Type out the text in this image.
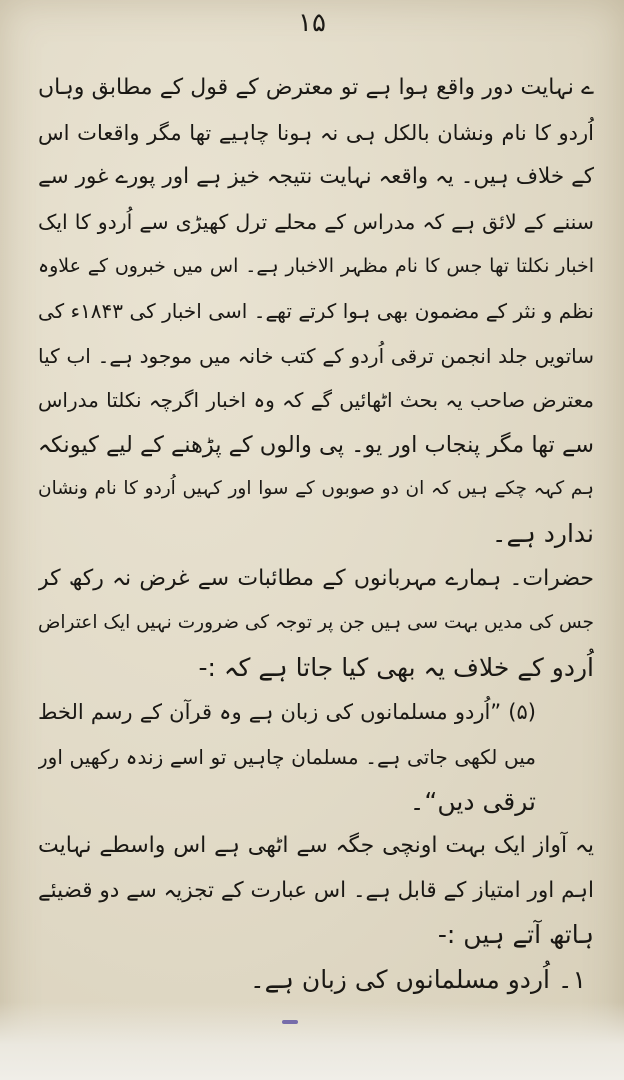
۱۵
ے نہایت دور واقع ہوا ہے تو معترض کے قول کے مطابق وہاں
اُردو کا نام ونشان بالکل ہی نہ ہونا چاہیے تھا مگر واقعات اس
کے خلاف ہیں۔ یہ واقعہ نہایت نتیجہ خیز ہے اور پورے غور سے
سننے کے لائق ہے کہ مدراس کے محلے ترل کھیڑی سے اُردو کا ایک
اخبار نکلتا تھا جس کا نام مظہر الاخبار ہے۔ اس میں خبروں کے علاوہ
نظم و نثر کے مضمون بھی ہوا کرتے تھے۔ اسی اخبار کی ۱۸۴۳ء کی
ساتویں جلد انجمن ترقی اُردو کے کتب خانہ میں موجود ہے۔ اب کیا
معترض صاحب یہ بحث اٹھائیں گے کہ وہ اخبار اگرچہ نکلتا مدراس
سے تھا مگر پنجاب اور یو۔ پی والوں کے پڑھنے کے لیے کیونکہ
ہم کہہ چکے ہیں کہ ان دو صوبوں کے سوا اور کہیں اُردو کا نام ونشان
ندارد ہے۔
حضرات۔ ہمارے مہربانوں کے مطائبات سے غرض نہ رکھ کر
جس کی مدیں بہت سی ہیں جن پر توجہ کی ضرورت نہیں ایک اعتراض
اُردو کے خلاف یہ بھی کیا جاتا ہے کہ :-
(۵) ”اُردو مسلمانوں کی زبان ہے وہ قرآن کے رسم الخط
میں لکھی جاتی ہے۔ مسلمان چاہیں تو اسے زندہ رکھیں اور
ترقی دیں“۔
یہ آواز ایک بہت اونچی جگہ سے اٹھی ہے اس واسطے نہایت
اہم اور امتیاز کے قابل ہے۔ اس عبارت کے تجزیہ سے دو قضیئے
ہاتھ آتے ہیں :-
۱۔ اُردو مسلمانوں کی زبان ہے۔
